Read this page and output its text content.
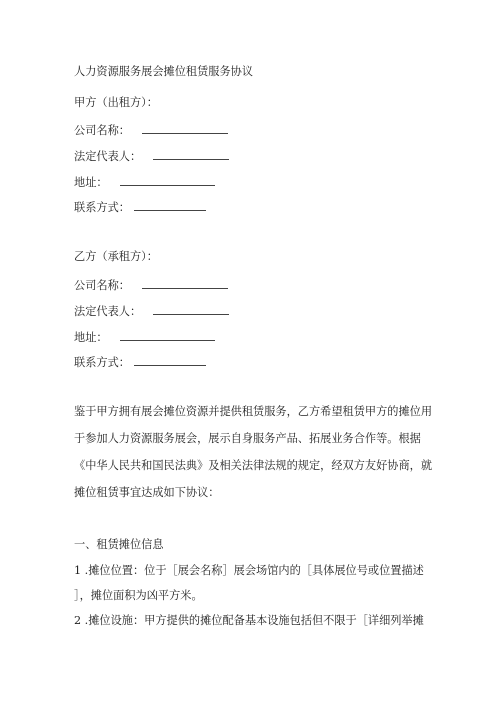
人力资源服务展会摊位租赁服务协议
甲方（出租方）：
公司名称：
法定代表人：
地址：
联系方式：
乙方（承租方）：
公司名称：
法定代表人：
地址：
联系方式：
鉴于甲方拥有展会摊位资源并提供租赁服务，乙方希望租赁甲方的摊位用
于参加人力资源服务展会，展示自身服务产品、拓展业务合作等。根据
《中华人民共和国民法典》及相关法律法规的规定，经双方友好协商，就
摊位租赁事宜达成如下协议：
一、租赁摊位信息
1 .摊位位置：位于［展会名称］展会场馆内的［具体展位号或位置描述
］，摊位面积为凶平方米。
2 .摊位设施：甲方提供的摊位配备基本设施包括但不限于［详细列举摊
